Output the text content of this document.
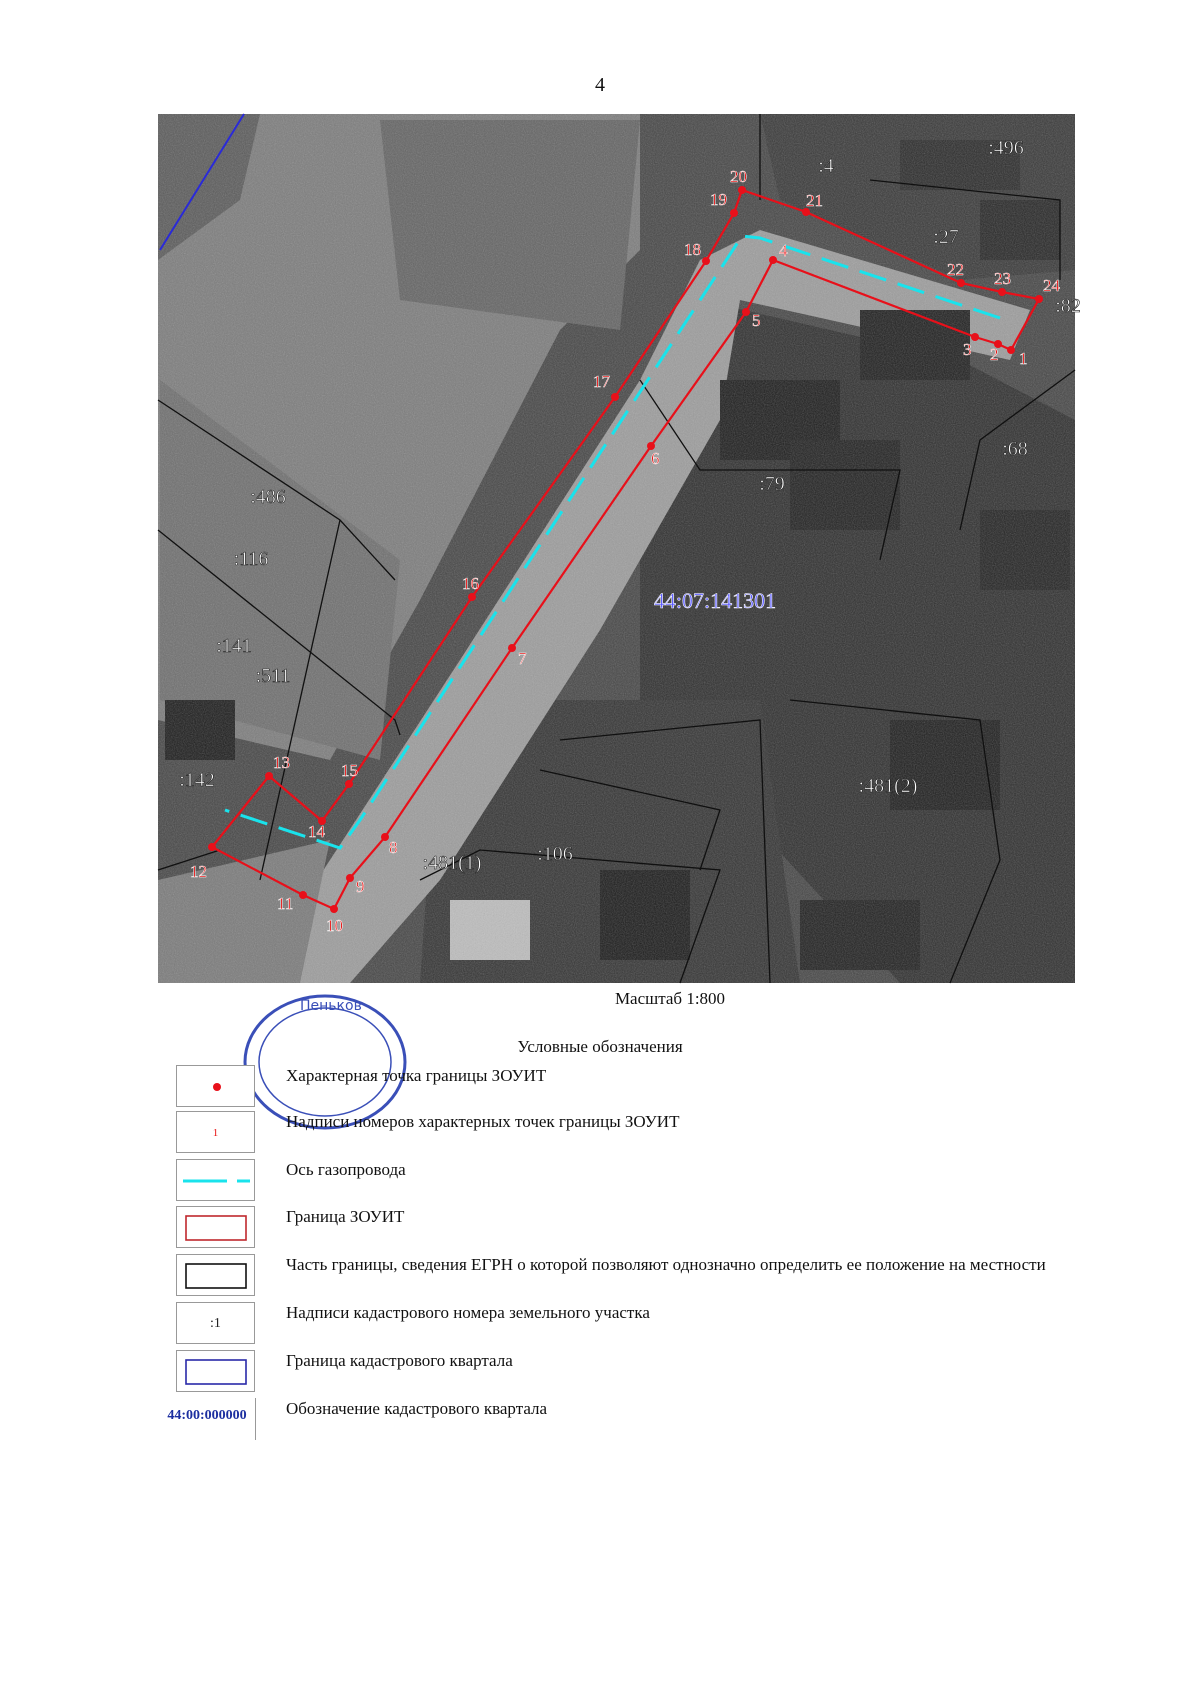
4
1
2
3
4
5
6
7
8
9
10
11
12
13
14
15
16
17
18
19
20
21
22 23 24
:4
:496
:27
:82
:68
:79
:486
:116
:141
:511
:142	:481(2)
:106
:481(1)
44:07:141301
Пеньков	Масштаб 1:800
Условные обозначения
Характерная точка границы ЗОУИТ
1
Надписи номеров характерных точек границы ЗОУИТ
Ось газопровода
Граница ЗОУИТ
Часть границы, сведения ЕГРН о которой позволяют однозначно определить ее положение на местности
:1
Надписи кадастрового номера земельного участка
Граница кадастрового квартала
44:00:000000	Обозначение кадастрового квартала
